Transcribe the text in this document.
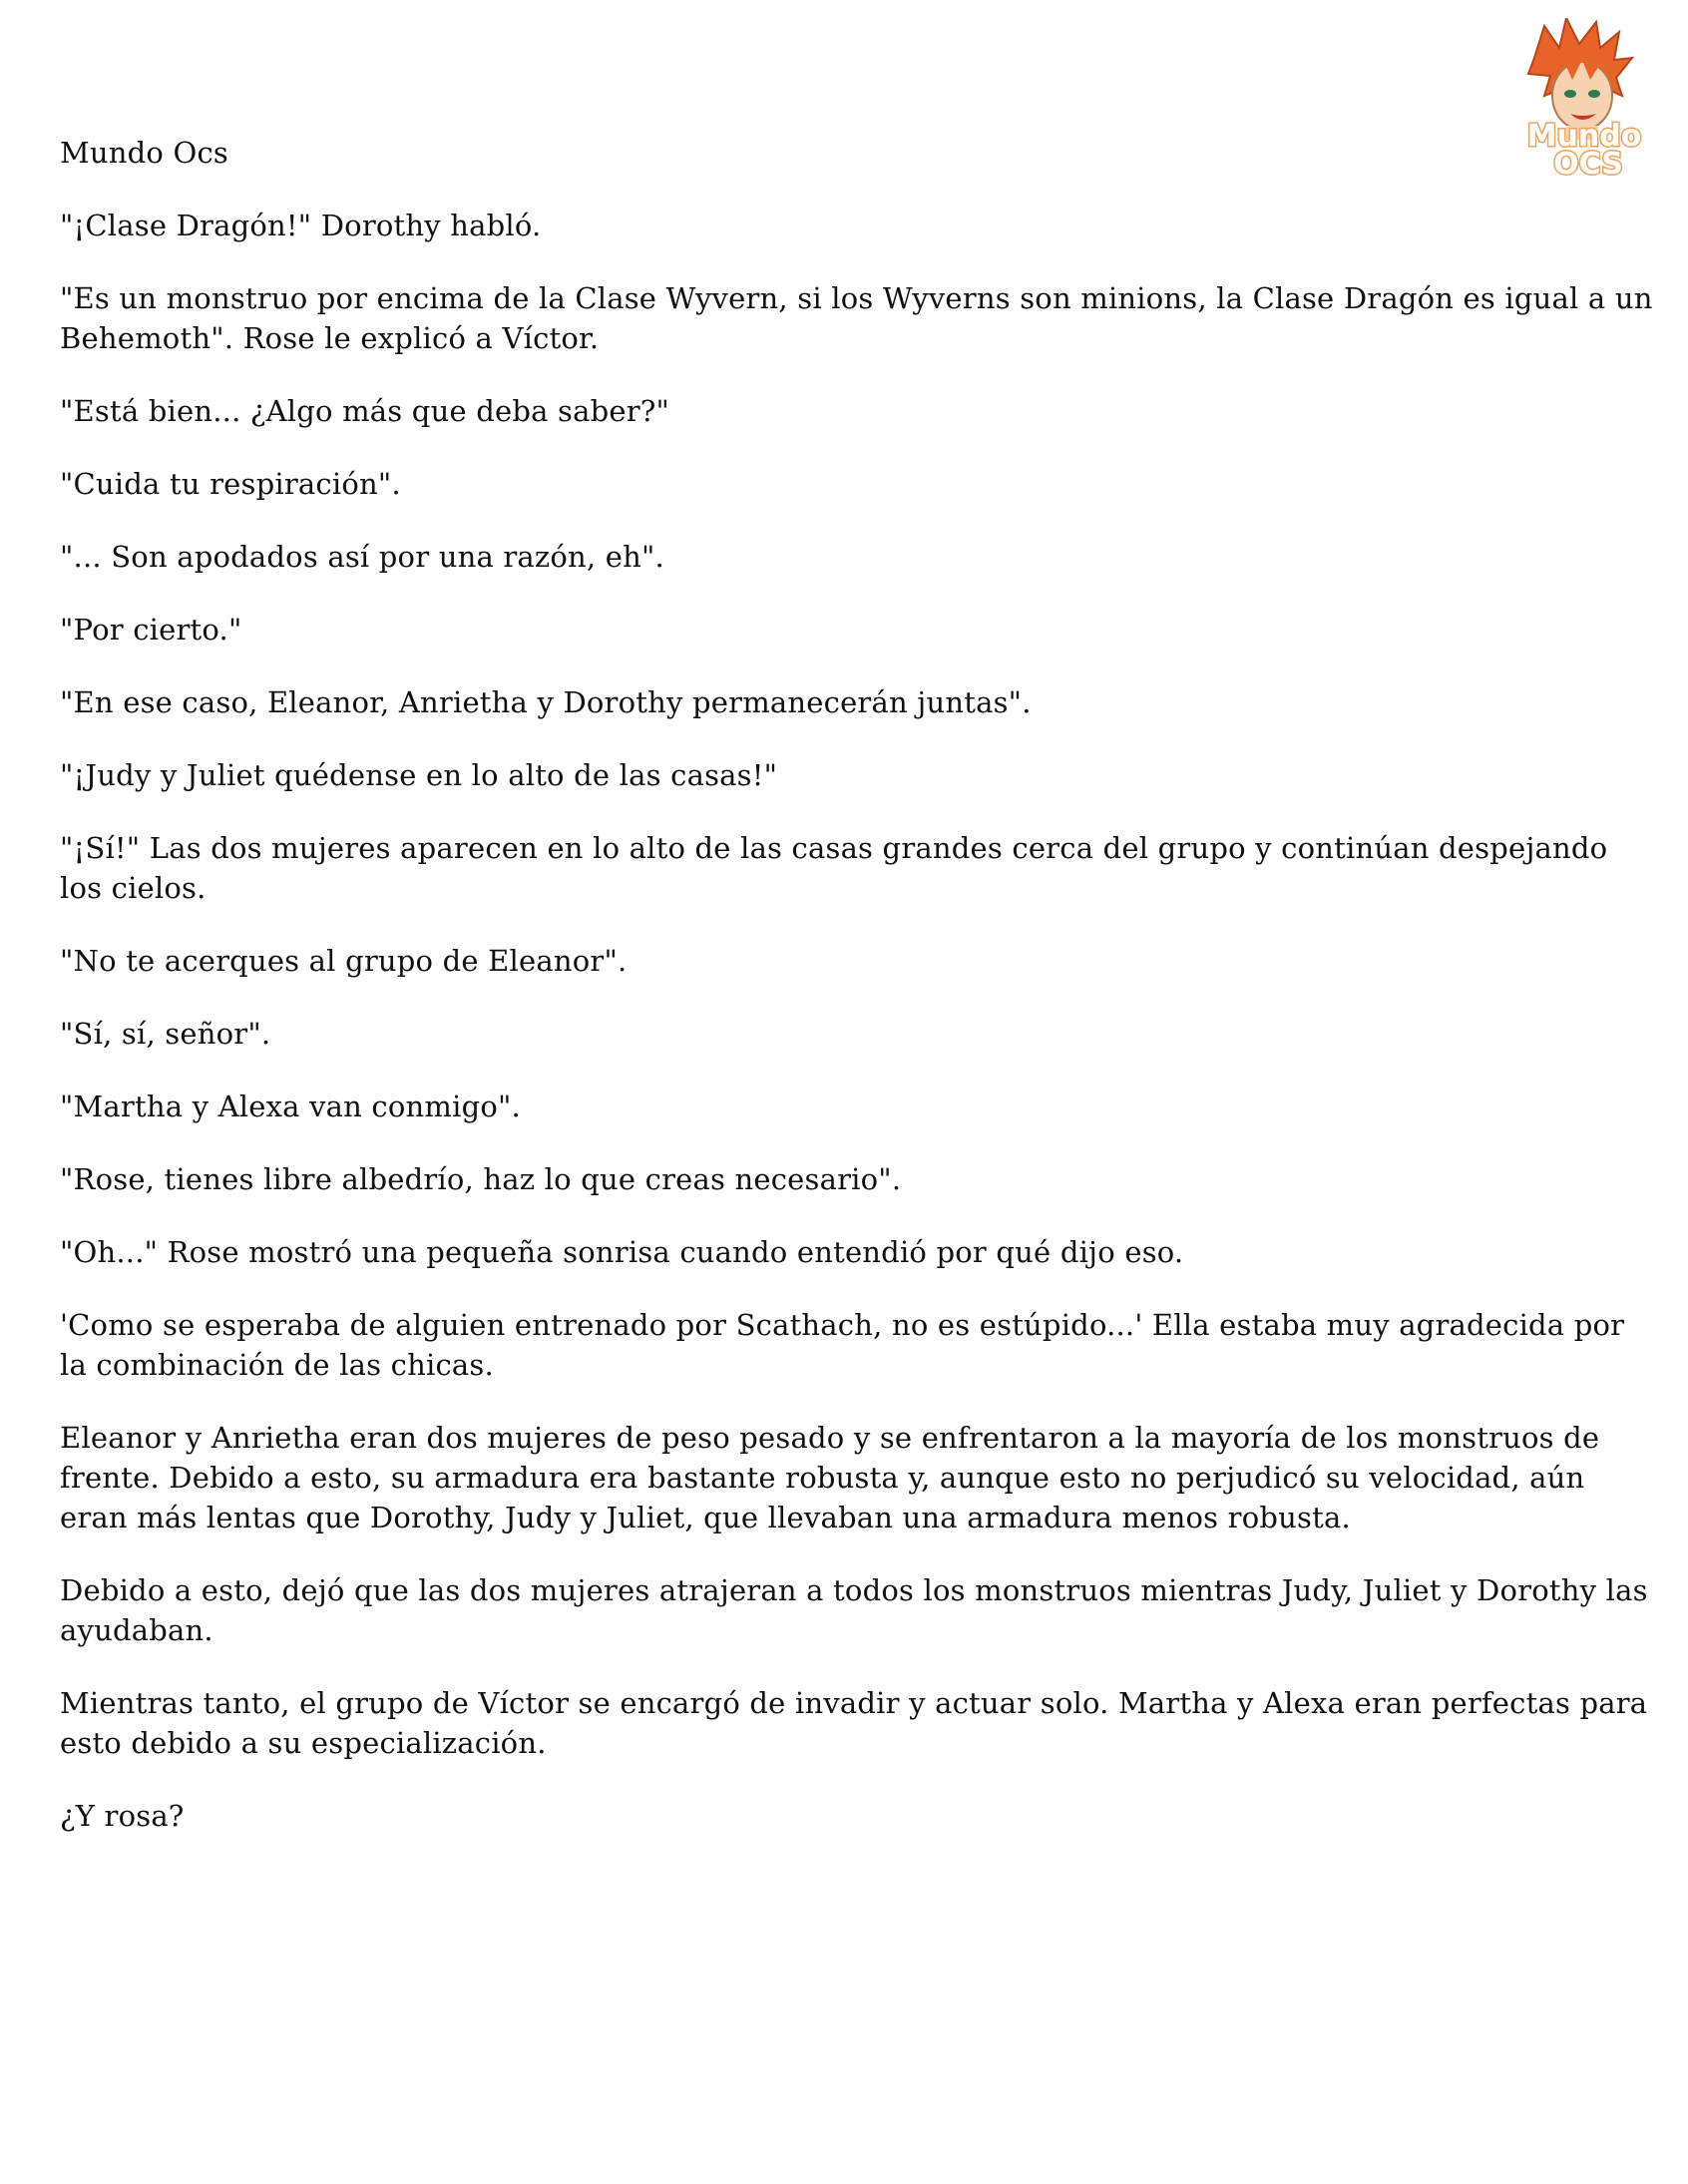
Mundo
OCS

Mundo Ocs

"¡Clase Dragón!" Dorothy habló.

"Es un monstruo por encima de la Clase Wyvern, si los Wyverns son minions, la Clase Dragón es igual a un Behemoth". Rose le explicó a Víctor.

"Está bien... ¿Algo más que deba saber?"

"Cuida tu respiración".

"... Son apodados así por una razón, eh".

"Por cierto."

"En ese caso, Eleanor, Anrietha y Dorothy permanecerán juntas".

"¡Judy y Juliet quédense en lo alto de las casas!"

"¡Sí!" Las dos mujeres aparecen en lo alto de las casas grandes cerca del grupo y continúan despejando los cielos.

"No te acerques al grupo de Eleanor".

"Sí, sí, señor".

"Martha y Alexa van conmigo".

"Rose, tienes libre albedrío, haz lo que creas necesario".

"Oh..." Rose mostró una pequeña sonrisa cuando entendió por qué dijo eso.

'Como se esperaba de alguien entrenado por Scathach, no es estúpido...' Ella estaba muy agradecida por la combinación de las chicas.

Eleanor y Anrietha eran dos mujeres de peso pesado y se enfrentaron a la mayoría de los monstruos de frente. Debido a esto, su armadura era bastante robusta y, aunque esto no perjudicó su velocidad, aún eran más lentas que Dorothy, Judy y Juliet, que llevaban una armadura menos robusta.

Debido a esto, dejó que las dos mujeres atrajeran a todos los monstruos mientras Judy, Juliet y Dorothy las ayudaban.

Mientras tanto, el grupo de Víctor se encargó de invadir y actuar solo. Martha y Alexa eran perfectas para esto debido a su especialización.

¿Y rosa?
